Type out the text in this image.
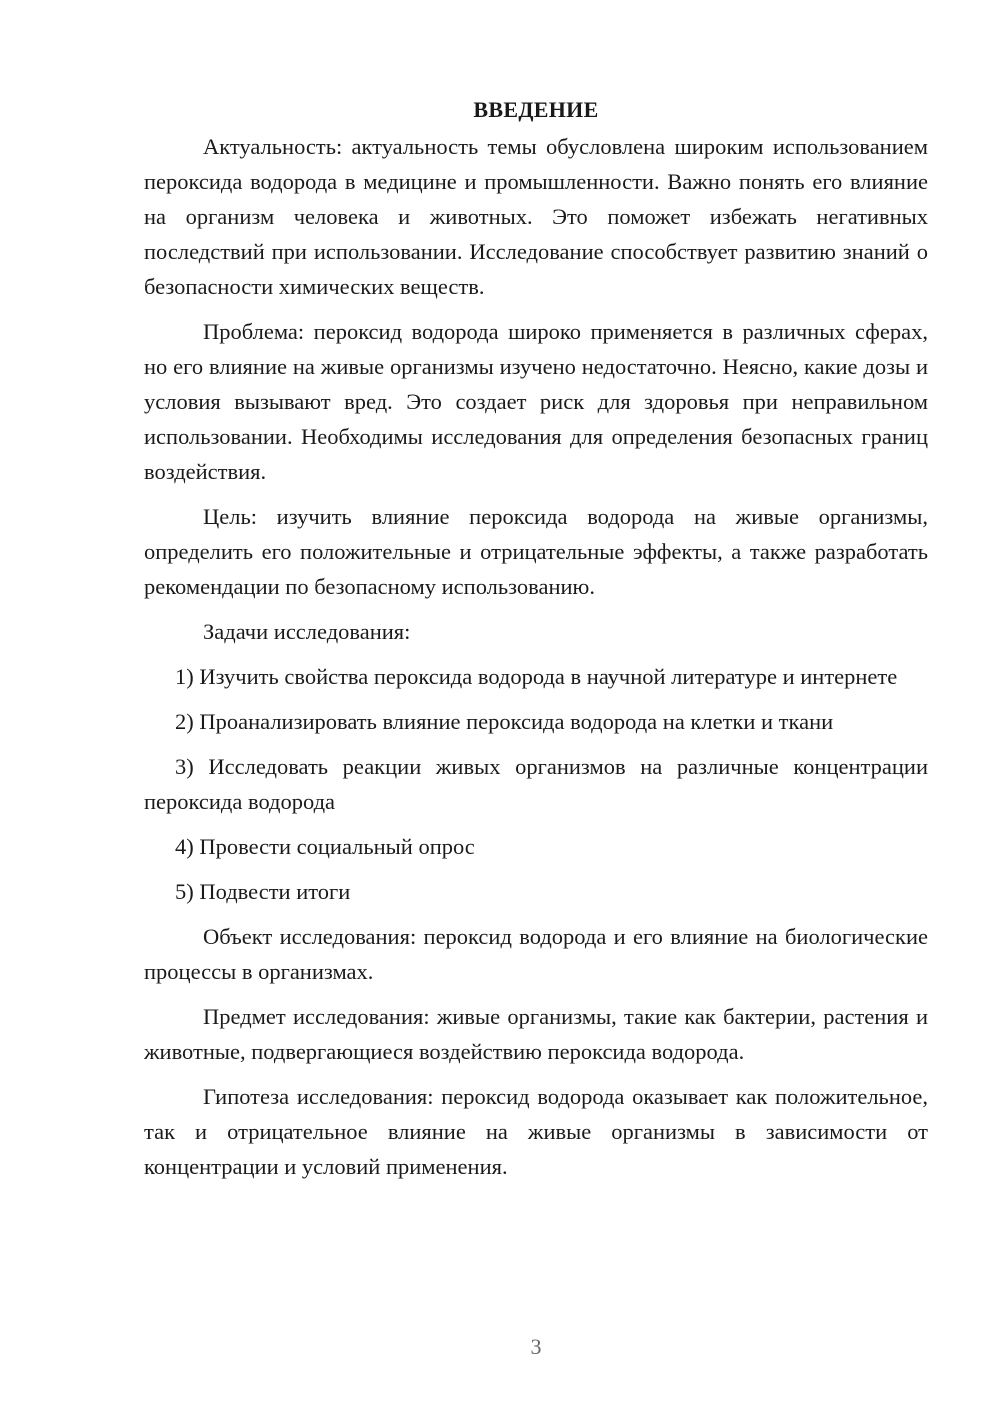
ВВЕДЕНИЕ

Актуальность: актуальность темы обусловлена широким использованием пероксида водорода в медицине и промышленности. Важно понять его влияние на организм человека и животных. Это поможет избежать негативных последствий при использовании. Исследование способствует развитию знаний о безопасности химических веществ.

Проблема: пероксид водорода широко применяется в различных сферах, но его влияние на живые организмы изучено недостаточно. Неясно, какие дозы и условия вызывают вред. Это создает риск для здоровья при неправильном использовании. Необходимы исследования для определения безопасных границ воздействия.

Цель: изучить влияние пероксида водорода на живые организмы, определить его положительные и отрицательные эффекты, а также разработать рекомендации по безопасному использованию.

Задачи исследования:

1) Изучить свойства пероксида водорода в научной литературе и интернете

2) Проанализировать влияние пероксида водорода на клетки и ткани

3) Исследовать реакции живых организмов на различные концентрации пероксида водорода

4) Провести социальный опрос

5) Подвести итоги

Объект исследования: пероксид водорода и его влияние на биологические процессы в организмах.

Предмет исследования: живые организмы, такие как бактерии, растения и животные, подвергающиеся воздействию пероксида водорода.

Гипотеза исследования: пероксид водорода оказывает как положительное, так и отрицательное влияние на живые организмы в зависимости от концентрации и условий применения.

3
